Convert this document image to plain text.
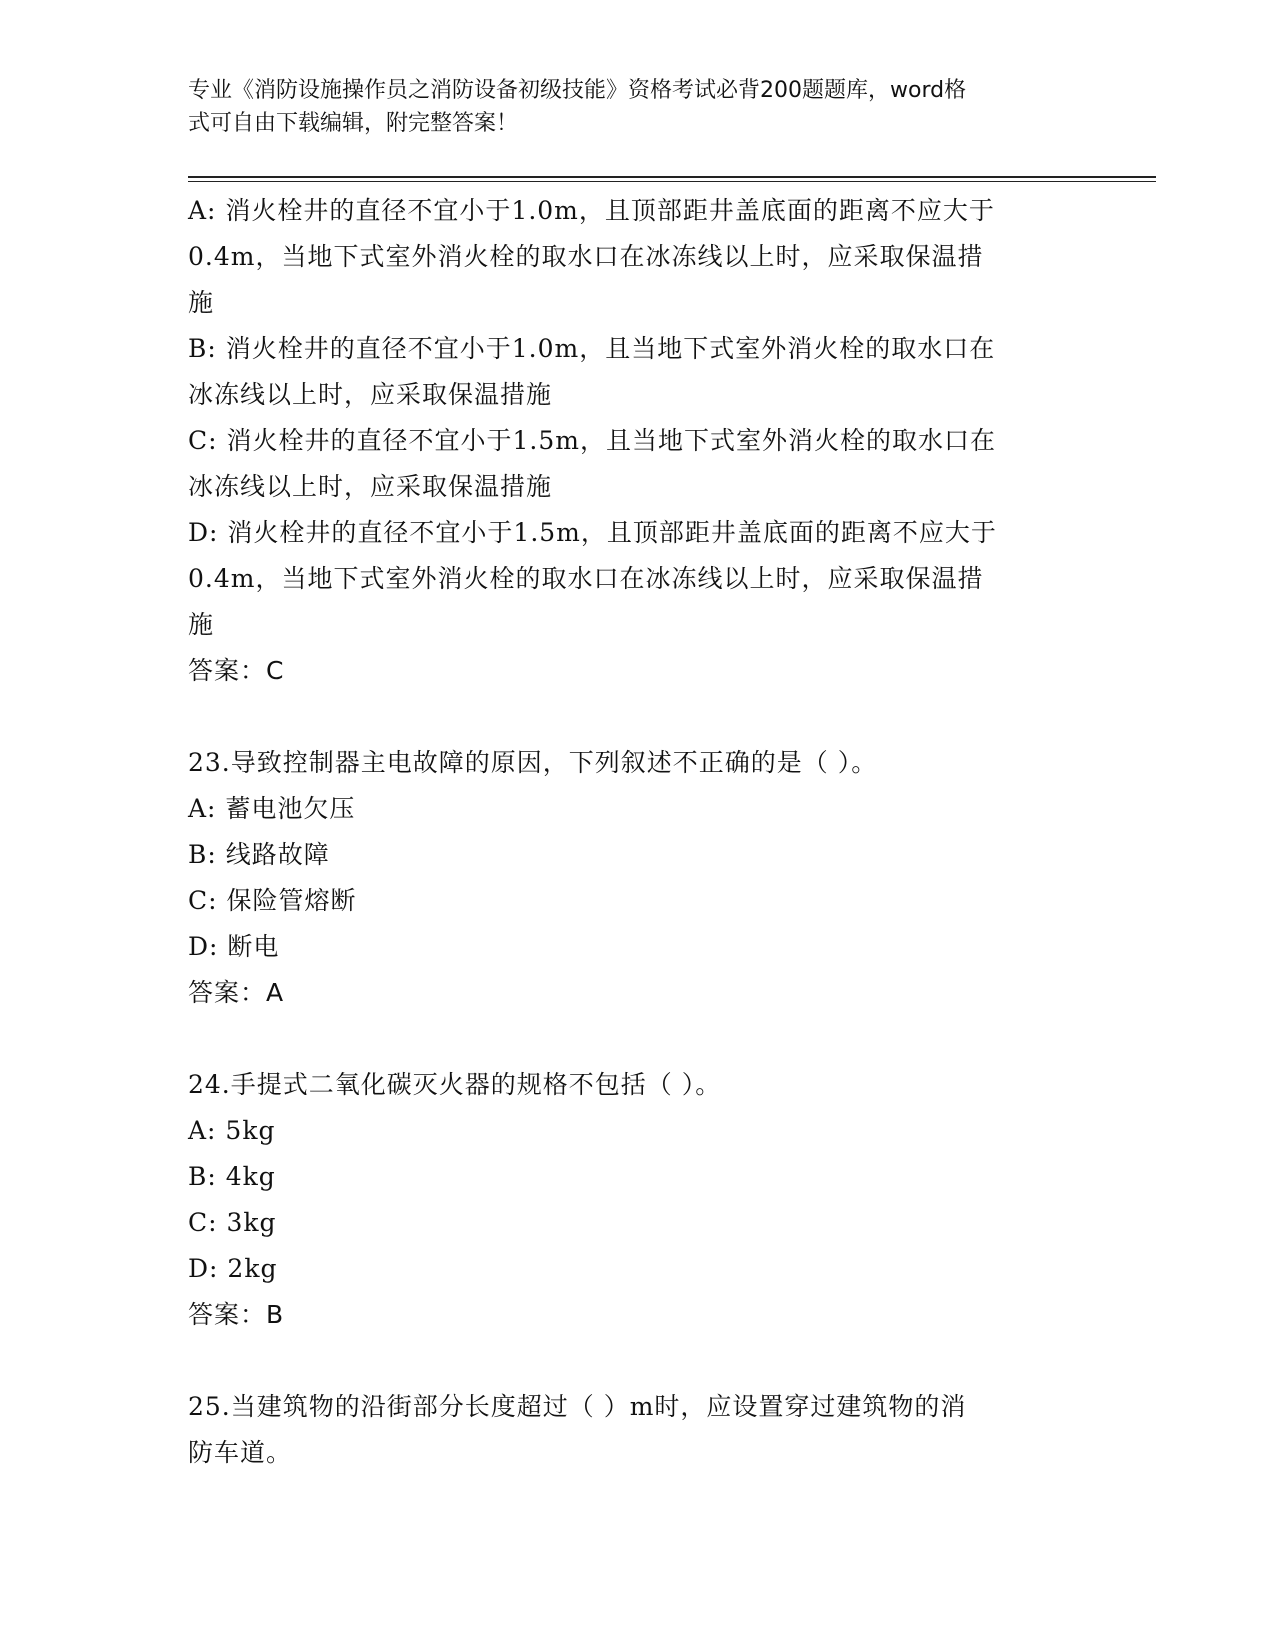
专业《消防设施操作员之消防设备初级技能》资格考试必背200题题库，word格
式可自由下载编辑，附完整答案！

A: 消火栓井的直径不宜小于1.0m，且顶部距井盖底面的距离不应大于

0.4m，当地下式室外消火栓的取水口在冰冻线以上时，应采取保温措

施

B: 消火栓井的直径不宜小于1.0m，且当地下式室外消火栓的取水口在

冰冻线以上时，应采取保温措施

C: 消火栓井的直径不宜小于1.5m，且当地下式室外消火栓的取水口在

冰冻线以上时，应采取保温措施

D: 消火栓井的直径不宜小于1.5m，且顶部距井盖底面的距离不应大于

0.4m，当地下式室外消火栓的取水口在冰冻线以上时，应采取保温措

施

答案：C

23.导致控制器主电故障的原因，下列叙述不正确的是（ ）。

A: 蓄电池欠压

B: 线路故障

C: 保险管熔断

D: 断电

答案：A

24.手提式二氧化碳灭火器的规格不包括（ ）。

A: 5kg

B: 4kg

C: 3kg

D: 2kg

答案：B

25.当建筑物的沿街部分长度超过（ ）m时，应设置穿过建筑物的消

防车道。
